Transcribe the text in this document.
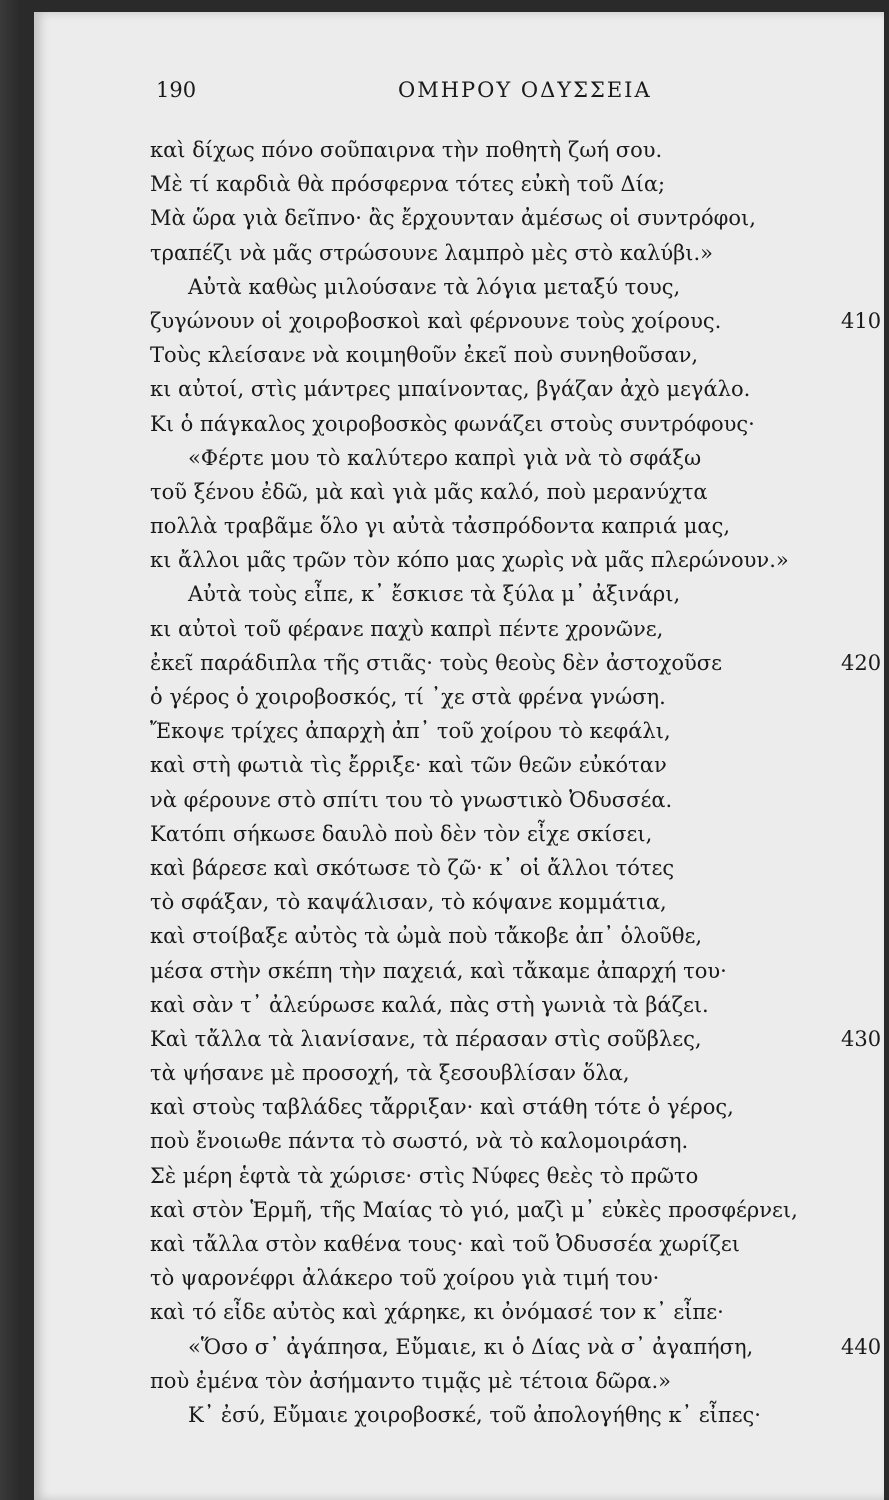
190	ΟΜΗΡΟΥ ΟΔΥΣΣΕΙΑ
καὶ δίχως πόνο σοῦπαιρνα τὴν ποθητὴ ζωή σου.
Μὲ τί καρδιὰ θὰ πρόσφερνα τότες εὐκὴ τοῦ Δία;
Μὰ ὥρα γιὰ δεῖπνο· ἂς ἔρχουνταν ἀμέσως οἱ συντρόφοι,
τραπέζι νὰ μᾶς στρώσουνε λαμπρὸ μὲς στὸ καλύβι.»
Αὐτὰ καθὼς μιλούσανε τὰ λόγια μεταξύ τους,
ζυγώνουν οἱ χοιροβοσκοὶ καὶ φέρνουνε τοὺς χοίρους.	410
Τοὺς κλείσανε νὰ κοιμηθοῦν ἐκεῖ ποὺ συνηθοῦσαν,
κι αὐτοί, στὶς μάντρες μπαίνοντας, βγάζαν ἀχὸ μεγάλο.
Κι ὁ πάγκαλος χοιροβοσκὸς φωνάζει στοὺς συντρόφους·
«Φέρτε μου τὸ καλύτερο καπρὶ γιὰ νὰ τὸ σφάξω
τοῦ ξένου ἐδῶ, μὰ καὶ γιὰ μᾶς καλό, ποὺ μερανύχτα
πολλὰ τραβᾶμε ὅλο γι αὐτὰ τἀσπρόδοντα καπριά μας,
κι ἄλλοι μᾶς τρῶν τὸν κόπο μας χωρὶς νὰ μᾶς πλερώνουν.»
Αὐτὰ τοὺς εἶπε, κ᾿ ἔσκισε τὰ ξύλα μ᾿ ἀξινάρι,
κι αὐτοὶ τοῦ φέρανε παχὺ καπρὶ πέντε χρονῶνε,
ἐκεῖ παράδιπλα τῆς στιᾶς· τοὺς θεοὺς δὲν ἀστοχοῦσε	420
ὁ γέρος ὁ χοιροβοσκός, τί ᾿χε στὰ φρένα γνώση.
Ἔκοψε τρίχες ἀπαρχὴ ἀπ᾿ τοῦ χοίρου τὸ κεφάλι,
καὶ στὴ φωτιὰ τὶς ἔρριξε· καὶ τῶν θεῶν εὐκόταν
νὰ φέρουνε στὸ σπίτι του τὸ γνωστικὸ Ὀδυσσέα.
Κατόπι σήκωσε δαυλὸ ποὺ δὲν τὸν εἶχε σκίσει,
καὶ βάρεσε καὶ σκότωσε τὸ ζῶ· κ᾿ οἱ ἄλλοι τότες
τὸ σφάξαν, τὸ καψάλισαν, τὸ κόψανε κομμάτια,
καὶ στοίβαξε αὐτὸς τὰ ὠμὰ ποὺ τἄκοβε ἀπ᾿ ὁλοῦθε,
μέσα στὴν σκέπη τὴν παχειά, καὶ τἄκαμε ἀπαρχή του·
καὶ σὰν τ᾿ ἀλεύρωσε καλά, πὰς στὴ γωνιὰ τὰ βάζει.
Καὶ τἄλλα τὰ λιανίσανε, τὰ πέρασαν στὶς σοῦβλες,	430
τὰ ψήσανε μὲ προσοχή, τὰ ξεσουβλίσαν ὅλα,
καὶ στοὺς ταβλάδες τἄρριξαν· καὶ στάθη τότε ὁ γέρος,
ποὺ ἔνοιωθε πάντα τὸ σωστό, νὰ τὸ καλομοιράση.
Σὲ μέρη ἑφτὰ τὰ χώρισε· στὶς Νύφες θεὲς τὸ πρῶτο
καὶ στὸν Ἑρμῆ, τῆς Μαίας τὸ γιό, μαζὶ μ᾿ εὐκὲς προσφέρνει,
καὶ τἄλλα στὸν καθένα τους· καὶ τοῦ Ὀδυσσέα χωρίζει
τὸ ψαρονέφρι ἀλάκερο τοῦ χοίρου γιὰ τιμή του·
καὶ τό εἶδε αὐτὸς καὶ χάρηκε, κι ὀνόμασέ τον κ᾿ εἶπε·
«Ὅσο σ᾿ ἀγάπησα, Εὔμαιε, κι ὁ Δίας νὰ σ᾿ ἀγαπήση,	440
ποὺ ἐμένα τὸν ἀσήμαντο τιμᾷς μὲ τέτοια δῶρα.»
Κ᾿ ἐσύ, Εὔμαιε χοιροβοσκέ, τοῦ ἀπολογήθης κ᾿ εἶπες·
